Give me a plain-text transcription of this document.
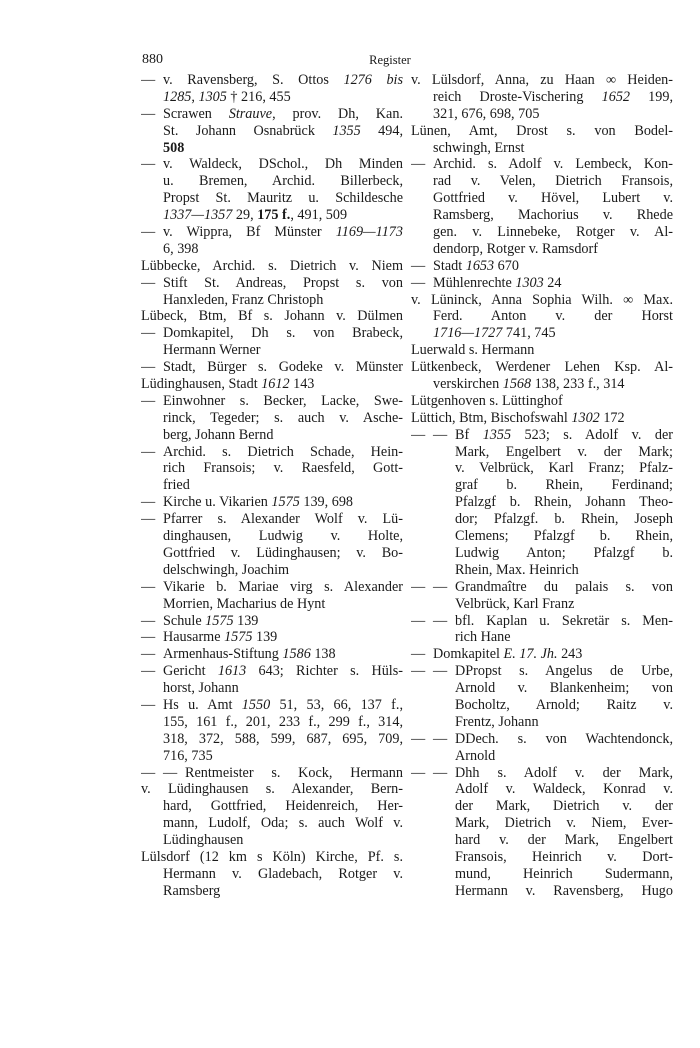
880	Register
— v. Ravensberg, S. Ottos 1276 bis
1285, 1305 † 216, 455
— Scrawen Strauve, prov. Dh, Kan.
St. Johann Osnabrück 1355 494,
508
— v. Waldeck, DSchol., Dh Minden
u. Bremen, Archid. Billerbeck,
Propst St. Mauritz u. Schildesche
1337—1357 29, 175 f., 491, 509
— v. Wippra, Bf Münster 1169—1173
6, 398
Lübbecke, Archid. s. Dietrich v. Niem
— Stift St. Andreas, Propst s. von
Hanxleden, Franz Christoph
Lübeck, Btm, Bf s. Johann v. Dülmen
— Domkapitel, Dh s. von Brabeck,
Hermann Werner
— Stadt, Bürger s. Godeke v. Münster
Lüdinghausen, Stadt 1612 143
— Einwohner s. Becker, Lacke, Swe-
rinck, Tegeder; s. auch v. Asche-
berg, Johann Bernd
— Archid. s. Dietrich Schade, Hein-
rich Fransois; v. Raesfeld, Gott-
fried
— Kirche u. Vikarien 1575 139, 698
— Pfarrer s. Alexander Wolf v. Lü-
dinghausen, Ludwig v. Holte,
Gottfried v. Lüdinghausen; v. Bo-
delschwingh, Joachim
— Vikarie b. Mariae virg s. Alexander
Morrien, Macharius de Hynt
— Schule 1575 139
— Hausarme 1575 139
— Armenhaus-Stiftung 1586 138
— Gericht 1613 643; Richter s. Hüls-
horst, Johann
— Hs u. Amt 1550 51, 53, 66, 137 f.,
155, 161 f., 201, 233 f., 299 f., 314,
318, 372, 588, 599, 687, 695, 709,
716, 735
— — Rentmeister s. Kock, Hermann
v. Lüdinghausen s. Alexander, Bern-
hard, Gottfried, Heidenreich, Her-
mann, Ludolf, Oda; s. auch Wolf v.
Lüdinghausen
Lülsdorf (12 km s Köln) Kirche, Pf. s.
Hermann v. Gladebach, Rotger v.
Ramsberg
v. Lülsdorf, Anna, zu Haan ∞ Heiden-
reich Droste-Vischering 1652 199,
321, 676, 698, 705
Lünen, Amt, Drost s. von Bodel-
schwingh, Ernst
— Archid. s. Adolf v. Lembeck, Kon-
rad v. Velen, Dietrich Fransois,
Gottfried v. Hövel, Lubert v.
Ramsberg, Machorius v. Rhede
gen. v. Linnebeke, Rotger v. Al-
dendorp, Rotger v. Ramsdorf
— Stadt 1653 670
— Mühlenrechte 1303 24
v. Lüninck, Anna Sophia Wilh. ∞ Max.
Ferd. Anton v. der Horst
1716—1727 741, 745
Luerwald s. Hermann
Lütkenbeck, Werdener Lehen Ksp. Al-
verskirchen 1568 138, 233 f., 314
Lütgenhoven s. Lüttinghof
Lüttich, Btm, Bischofswahl 1302 172
— — Bf 1355 523; s. Adolf v. der
Mark, Engelbert v. der Mark;
v. Velbrück, Karl Franz; Pfalz-
graf b. Rhein, Ferdinand;
Pfalzgf b. Rhein, Johann Theo-
dor; Pfalzgf. b. Rhein, Joseph
Clemens; Pfalzgf b. Rhein,
Ludwig Anton; Pfalzgf b.
Rhein, Max. Heinrich
— — Grandmaître du palais s. von
Velbrück, Karl Franz
— — bfl. Kaplan u. Sekretär s. Men-
rich Hane
— Domkapitel E. 17. Jh. 243
— — DPropst s. Angelus de Urbe,
Arnold v. Blankenheim; von
Bocholtz, Arnold; Raitz v.
Frentz, Johann
— — DDech. s. von Wachtendonck,
Arnold
— — Dhh s. Adolf v. der Mark,
Adolf v. Waldeck, Konrad v.
der Mark, Dietrich v. der
Mark, Dietrich v. Niem, Ever-
hard v. der Mark, Engelbert
Fransois, Heinrich v. Dort-
mund, Heinrich Sudermann,
Hermann v. Ravensberg, Hugo
